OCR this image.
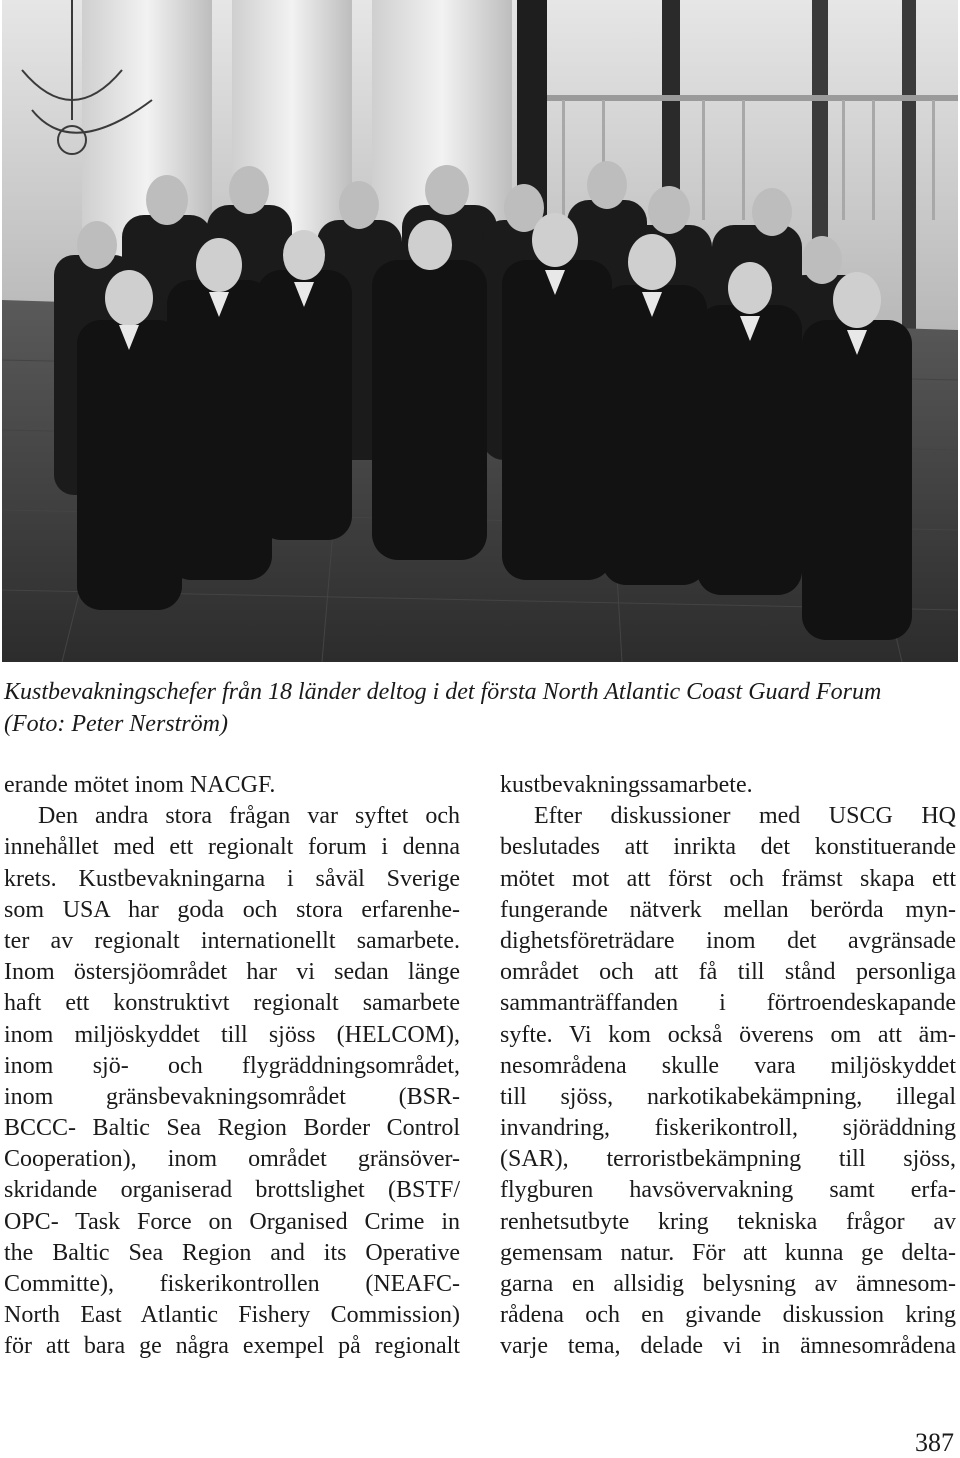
Kustbevakningschefer från 18 länder deltog i det första North Atlantic Coast Guard Forum
(Foto: Peter Nerström)

erande mötet inom NACGF.
Den andra stora frågan var syftet och
innehållet med ett regionalt forum i denna
krets. Kustbevakningarna i såväl Sverige
som USA har goda och stora erfarenhe-
ter av regionalt internationellt samarbete.
Inom östersjöområdet har vi sedan länge
haft ett konstruktivt regionalt samarbete
inom miljöskyddet till sjöss (HELCOM),
inom sjö- och flygräddningsområdet,
inom gränsbevakningsområdet (BSR-
BCCC- Baltic Sea Region Border Control
Cooperation), inom området gränsöver-
skridande organiserad brottslighet (BSTF/
OPC- Task Force on Organised Crime in
the Baltic Sea Region and its Operative
Committe), fiskerikontrollen (NEAFC-
North East Atlantic Fishery Commission)
för att bara ge några exempel på regionalt
kustbevakningssamarbete.
Efter diskussioner med USCG HQ
beslutades att inrikta det konstituerande
mötet mot att först och främst skapa ett
fungerande nätverk mellan berörda myn-
dighetsföreträdare inom det avgränsade
området och att få till stånd personliga
sammanträffanden i förtroendeskapande
syfte. Vi kom också överens om att äm-
nesområdena skulle vara miljöskyddet
till sjöss, narkotikabekämpning, illegal
invandring, fiskerikontroll, sjöräddning
(SAR), terroristbekämpning till sjöss,
flygburen havsövervakning samt erfa-
renhetsutbyte kring tekniska frågor av
gemensam natur. För att kunna ge delta-
garna en allsidig belysning av ämnesom-
rådena och en givande diskussion kring
varje tema, delade vi in ämnesområdena

387
